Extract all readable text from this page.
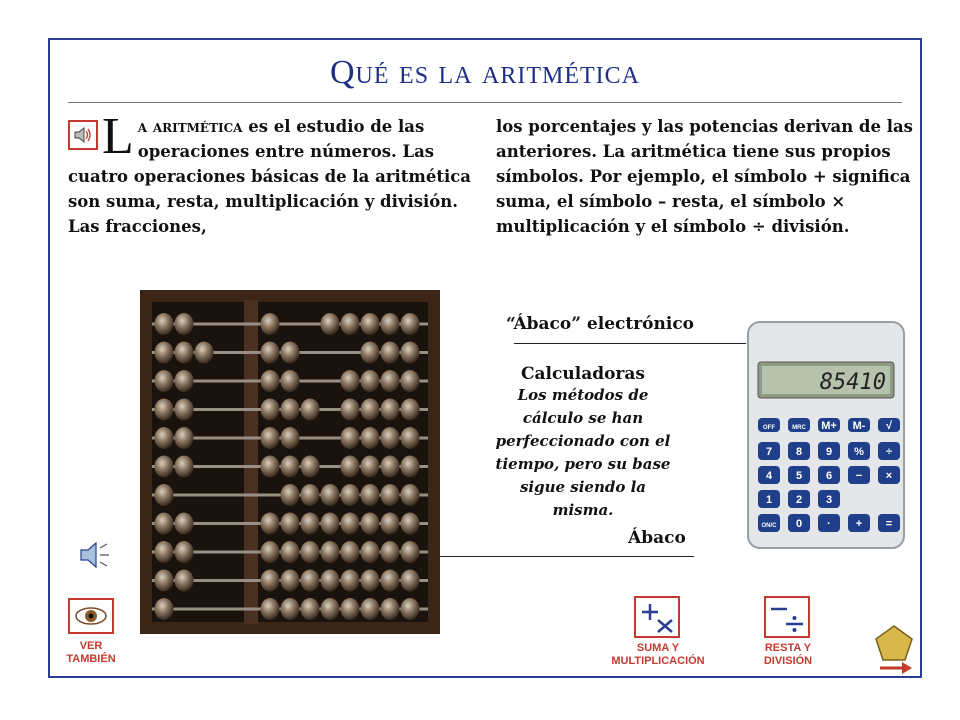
Qué es la aritmética
L a aritmética es el estudio de las operaciones entre números. Las cuatro operaciones básicas de la aritmética son suma, resta, multiplicación y división. Las fracciones,
los porcentajes y las potencias derivan de las anteriores. La aritmética tiene sus propios símbolos. Por ejemplo, el símbolo + significa suma, el símbolo – resta, el símbolo × multiplicación y el símbolo ÷ división.
“Ábaco” electrónico
Calculadoras
Los métodos de cálculo se han perfeccionado con el tiempo, pero su base sigue siendo la misma.
Ábaco
OFF	MRC M+ M- √
7 8 9 % ÷
4 5 6 − ×
1 2 3
ON/C 0 · + =
85410
VER TAMBIÉN
SUMA Y MULTIPLICACIÓN
RESTA Y DIVISIÓN
